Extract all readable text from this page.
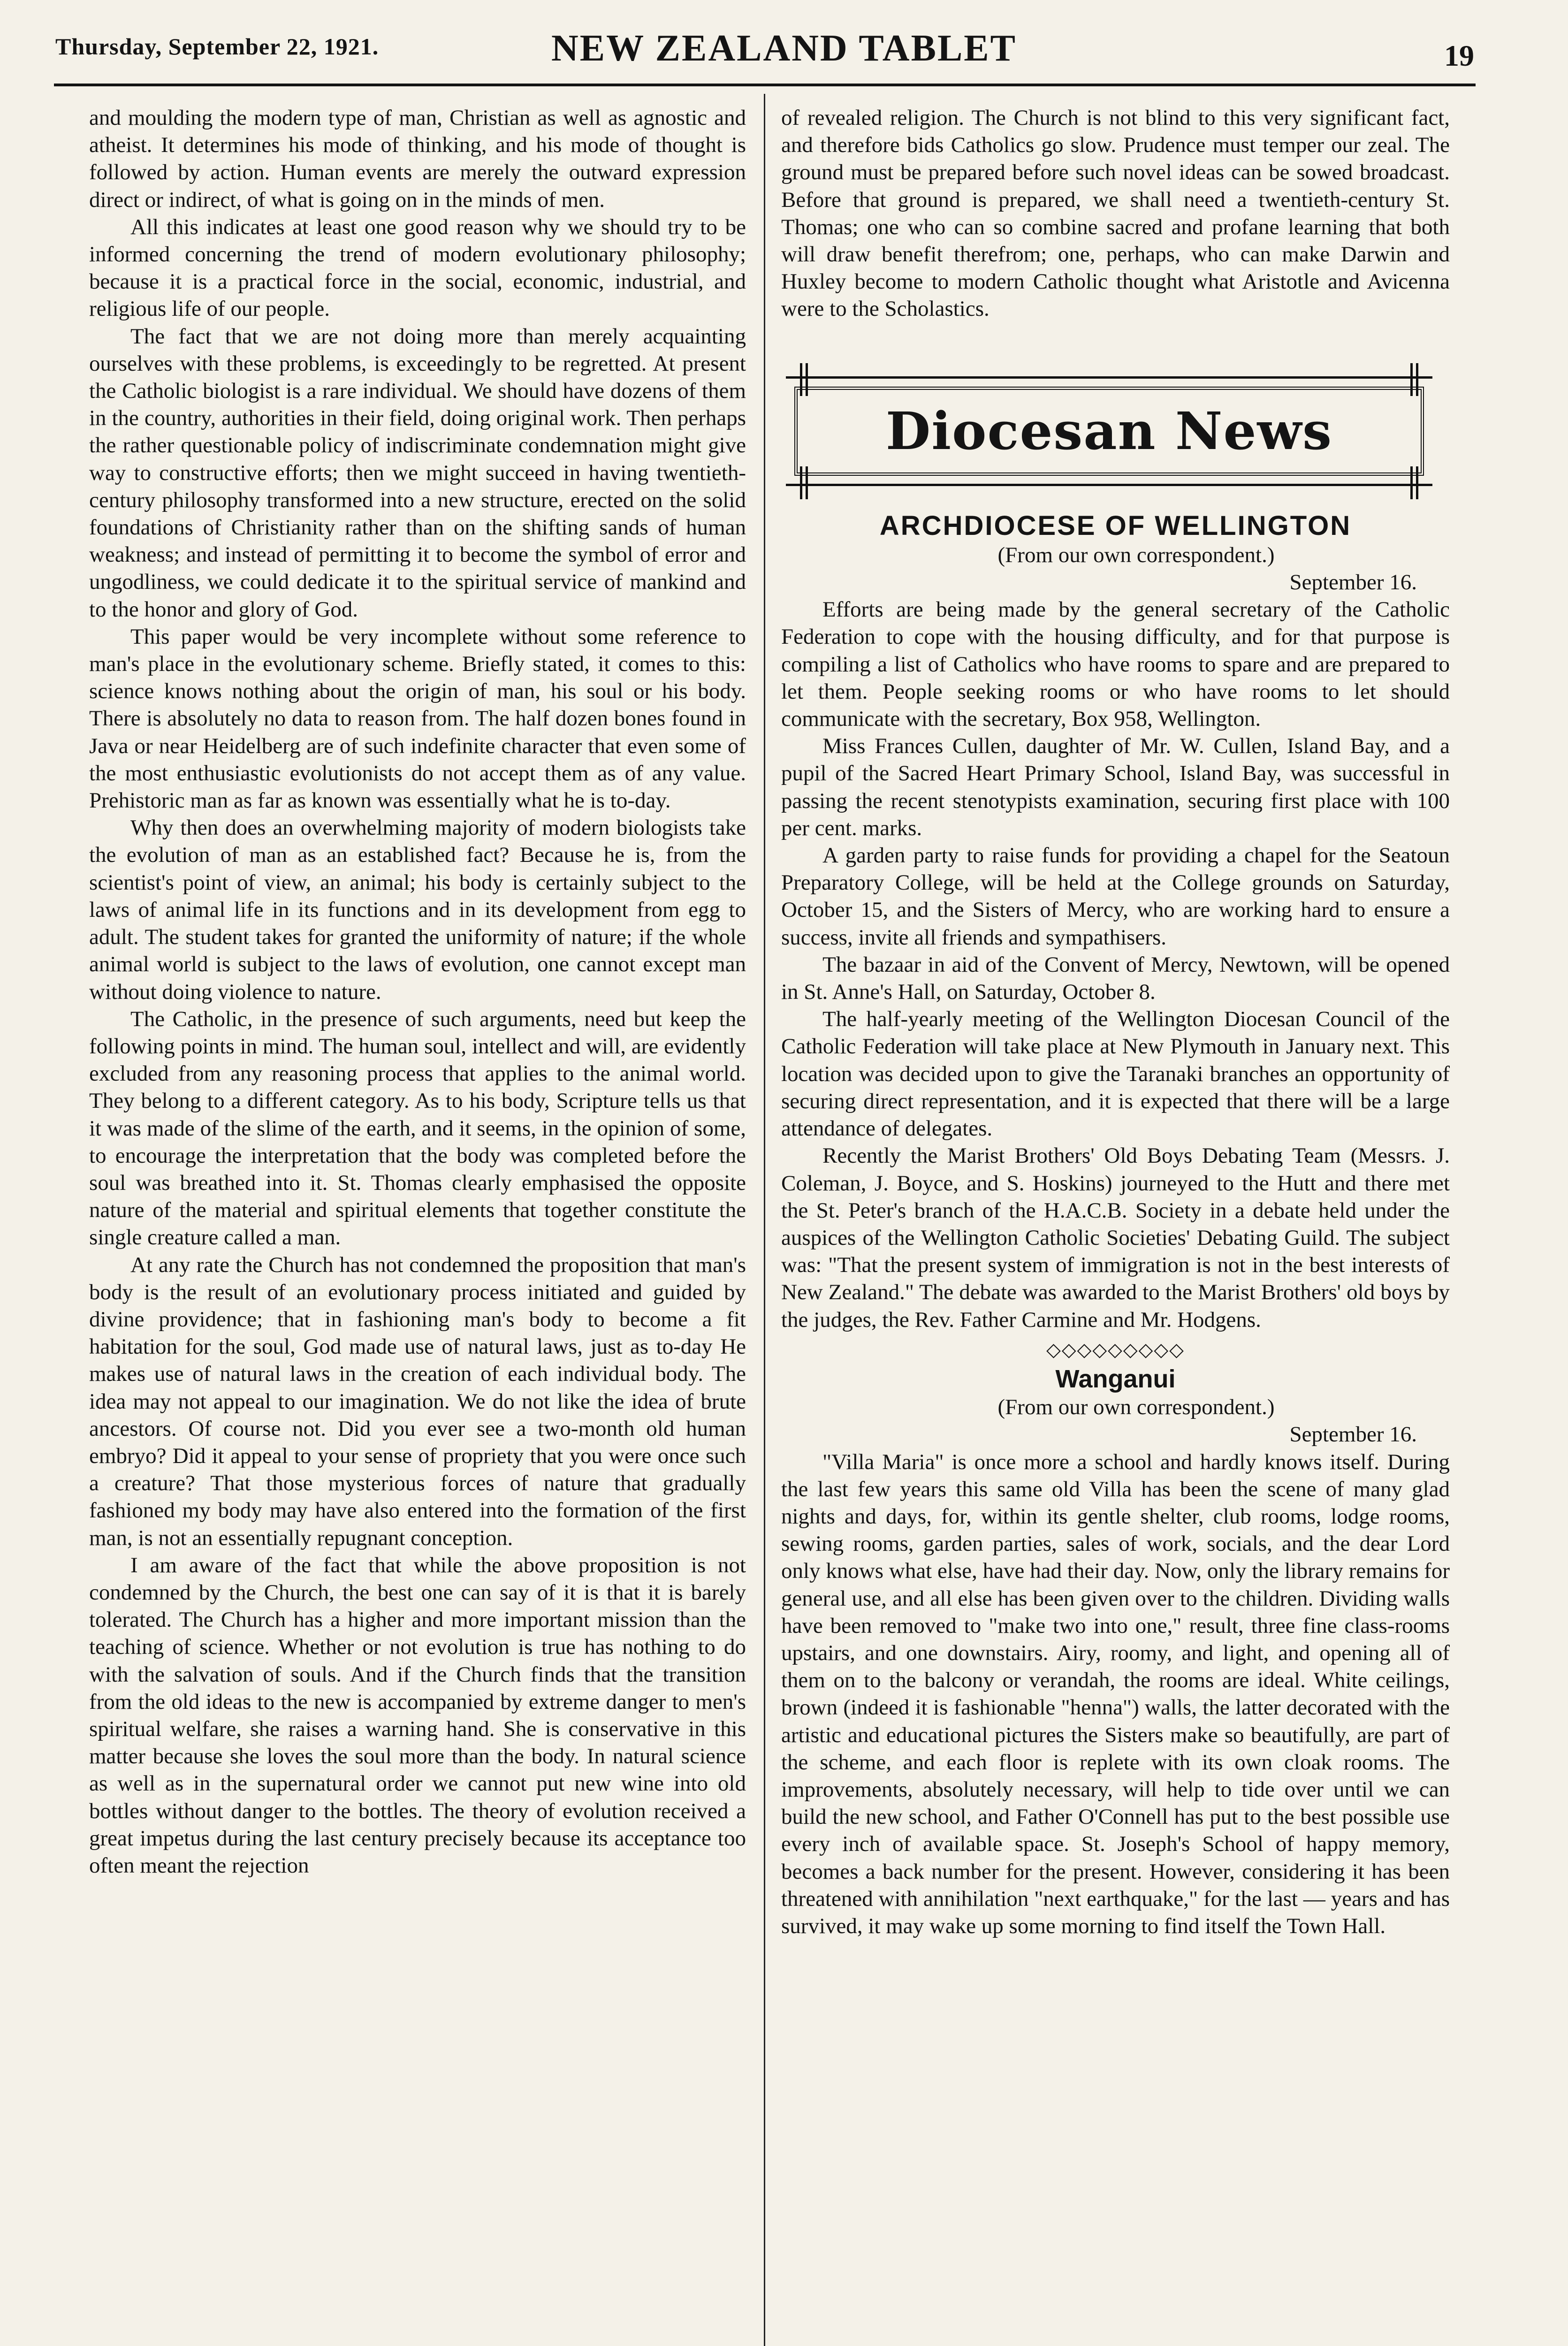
Thursday, September 22, 1921.	NEW ZEALAND TABLET	19

and moulding the modern type of man, Christian as well as agnostic and atheist. It determines his mode of thinking, and his mode of thought is followed by action. Human events are merely the outward expression direct or indirect, of what is going on in the minds of men.

All this indicates at least one good reason why we should try to be informed concerning the trend of modern evolutionary philosophy; because it is a practical force in the social, economic, industrial, and religious life of our people.

The fact that we are not doing more than merely acquainting ourselves with these problems, is exceedingly to be regretted. At present the Catholic biologist is a rare individual. We should have dozens of them in the country, authorities in their field, doing original work. Then perhaps the rather questionable policy of indiscriminate condemnation might give way to constructive efforts; then we might succeed in having twentieth-century philosophy transformed into a new structure, erected on the solid foundations of Christianity rather than on the shifting sands of human weakness; and instead of permitting it to become the symbol of error and ungodliness, we could dedicate it to the spiritual service of mankind and to the honor and glory of God.

This paper would be very incomplete without some reference to man's place in the evolutionary scheme. Briefly stated, it comes to this: science knows nothing about the origin of man, his soul or his body. There is absolutely no data to reason from. The half dozen bones found in Java or near Heidelberg are of such indefinite character that even some of the most enthusiastic evolutionists do not accept them as of any value. Prehistoric man as far as known was essentially what he is to-day.

Why then does an overwhelming majority of modern biologists take the evolution of man as an established fact? Because he is, from the scientist's point of view, an animal; his body is certainly subject to the laws of animal life in its functions and in its development from egg to adult. The student takes for granted the uniformity of nature; if the whole animal world is subject to the laws of evolution, one cannot except man without doing violence to nature.

The Catholic, in the presence of such arguments, need but keep the following points in mind. The human soul, intellect and will, are evidently excluded from any reasoning process that applies to the animal world. They belong to a different category. As to his body, Scripture tells us that it was made of the slime of the earth, and it seems, in the opinion of some, to encourage the interpretation that the body was completed before the soul was breathed into it. St. Thomas clearly emphasised the opposite nature of the material and spiritual elements that together constitute the single creature called a man.

At any rate the Church has not condemned the proposition that man's body is the result of an evolutionary process initiated and guided by divine providence; that in fashioning man's body to become a fit habitation for the soul, God made use of natural laws, just as to-day He makes use of natural laws in the creation of each individual body. The idea may not appeal to our imagination. We do not like the idea of brute ancestors. Of course not. Did you ever see a two-month old human embryo? Did it appeal to your sense of propriety that you were once such a creature? That those mysterious forces of nature that gradually fashioned my body may have also entered into the formation of the first man, is not an essentially repugnant conception.

I am aware of the fact that while the above proposition is not condemned by the Church, the best one can say of it is that it is barely tolerated. The Church has a higher and more important mission than the teaching of science. Whether or not evolution is true has nothing to do with the salvation of souls. And if the Church finds that the transition from the old ideas to the new is accompanied by extreme danger to men's spiritual welfare, she raises a warning hand. She is conservative in this matter because she loves the soul more than the body. In natural science as well as in the supernatural order we cannot put new wine into old bottles without danger to the bottles. The theory of evolution received a great impetus during the last century precisely because its acceptance too often meant the rejection

of revealed religion. The Church is not blind to this very significant fact, and therefore bids Catholics go slow. Prudence must temper our zeal. The ground must be prepared before such novel ideas can be sowed broadcast. Before that ground is prepared, we shall need a twentieth-century St. Thomas; one who can so combine sacred and profane learning that both will draw benefit therefrom; one, perhaps, who can make Darwin and Huxley become to modern Catholic thought what Aristotle and Avicenna were to the Scholastics.

Diocesan News
ARCHDIOCESE OF WELLINGTON

(From our own correspondent.)

September 16.

Efforts are being made by the general secretary of the Catholic Federation to cope with the housing difficulty, and for that purpose is compiling a list of Catholics who have rooms to spare and are prepared to let them. People seeking rooms or who have rooms to let should communicate with the secretary, Box 958, Wellington.

Miss Frances Cullen, daughter of Mr. W. Cullen, Island Bay, and a pupil of the Sacred Heart Primary School, Island Bay, was successful in passing the recent stenotypists examination, securing first place with 100 per cent. marks.

A garden party to raise funds for providing a chapel for the Seatoun Preparatory College, will be held at the College grounds on Saturday, October 15, and the Sisters of Mercy, who are working hard to ensure a success, invite all friends and sympathisers.

The bazaar in aid of the Convent of Mercy, Newtown, will be opened in St. Anne's Hall, on Saturday, October 8.

The half-yearly meeting of the Wellington Diocesan Council of the Catholic Federation will take place at New Plymouth in January next. This location was decided upon to give the Taranaki branches an opportunity of securing direct representation, and it is expected that there will be a large attendance of delegates.

Recently the Marist Brothers' Old Boys Debating Team (Messrs. J. Coleman, J. Boyce, and S. Hoskins) journeyed to the Hutt and there met the St. Peter's branch of the H.A.C.B. Society in a debate held under the auspices of the Wellington Catholic Societies' Debating Guild. The subject was: "That the present system of immigration is not in the best interests of New Zealand." The debate was awarded to the Marist Brothers' old boys by the judges, the Rev. Father Carmine and Mr. Hodgens.

◇◇◇◇◇◇◇◇◇
Wanganui

(From our own correspondent.)

September 16.

"Villa Maria" is once more a school and hardly knows itself. During the last few years this same old Villa has been the scene of many glad nights and days, for, within its gentle shelter, club rooms, lodge rooms, sewing rooms, garden parties, sales of work, socials, and the dear Lord only knows what else, have had their day. Now, only the library remains for general use, and all else has been given over to the children. Dividing walls have been removed to "make two into one," result, three fine class-rooms upstairs, and one downstairs. Airy, roomy, and light, and opening all of them on to the balcony or verandah, the rooms are ideal. White ceilings, brown (indeed it is fashionable "henna") walls, the latter decorated with the artistic and educational pictures the Sisters make so beautifully, are part of the scheme, and each floor is replete with its own cloak rooms. The improvements, absolutely necessary, will help to tide over until we can build the new school, and Father O'Connell has put to the best possible use every inch of available space. St. Joseph's School of happy memory, becomes a back number for the present. However, considering it has been threatened with annihilation "next earthquake," for the last — years and has survived, it may wake up some morning to find itself the Town Hall.
